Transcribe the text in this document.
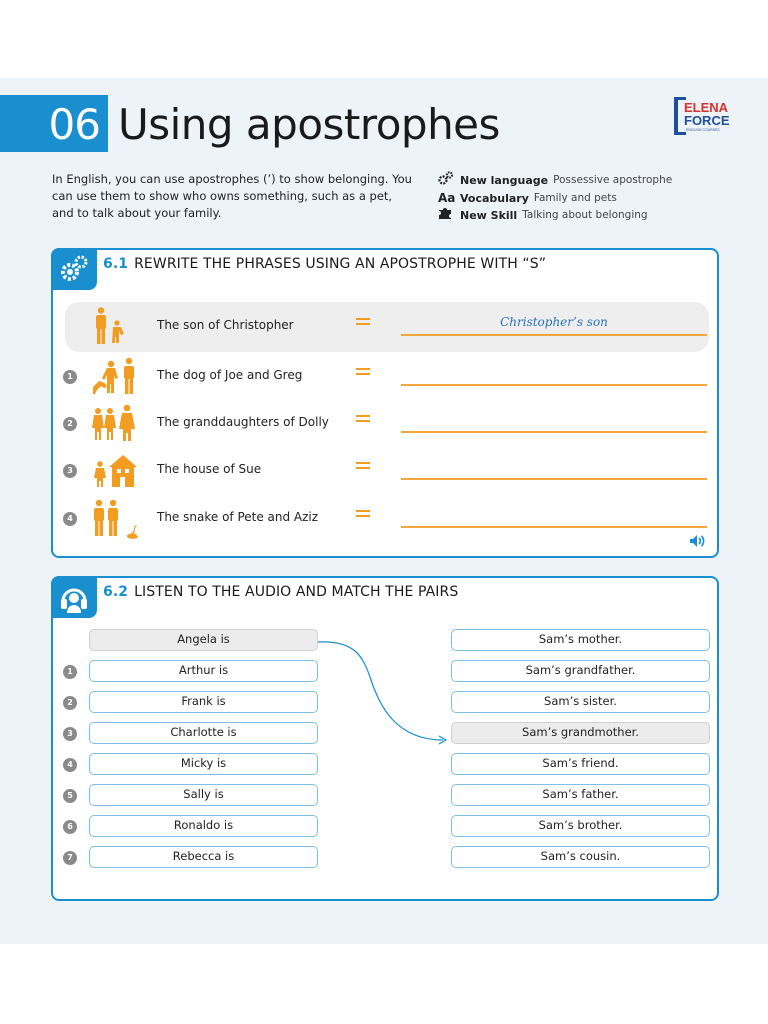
06 Using apostrophes	ELENA
FORCE
ENGLISH COURSES
In English, you can use apostrophes (’) to show belonging. You can use them to show who owns something, such as a pet, and to talk about your family.
New language Possessive apostrophe
Aa Vocabulary Family and pets
New Skill Talking about belonging
6.1 REWRITE THE PHRASES USING AN APOSTROPHE WITH “S”
The son of Christopher	Christopher’s son
1	The dog of Joe and Greg
2	The granddaughters of Dolly
3	The house of Sue
4	The snake of Pete and Aziz
6.2 LISTEN TO THE AUDIO AND MATCH THE PAIRS
Angela is	Sam’s mother.
1	Arthur is	Sam’s grandfather.
2	Frank is	Sam’s sister.
3	Charlotte is	Sam’s grandmother.
4	Micky is	Sam’s friend.
5	Sally is	Sam’s father.
6	Ronaldo is	Sam’s brother.
7	Rebecca is	Sam’s cousin.
